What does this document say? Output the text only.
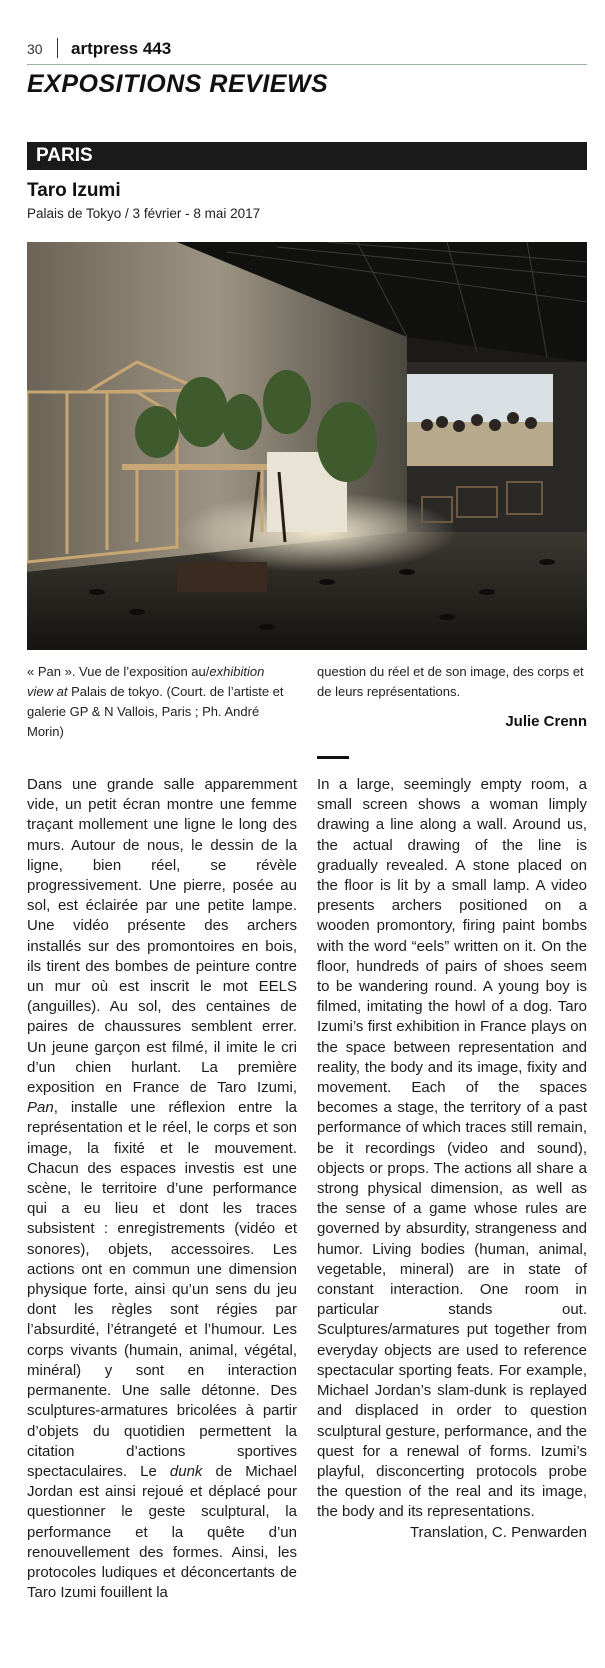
30 artpress 443
EXPOSITIONS REVIEWS
PARIS
Taro Izumi
Palais de Tokyo / 3 février - 8 mai 2017
« Pan ». Vue de l’exposition au/exhibition view at Palais de tokyo. (Court. de l’artiste et galerie GP & N Vallois, Paris ; Ph. André Morin)
question du réel et de son image, des corps et de leurs représentations.
Julie Crenn

Dans une grande salle apparemment vide, un petit écran montre une femme traçant mollement une ligne le long des murs. Autour de nous, le dessin de la ligne, bien réel, se révèle progressivement. Une pierre, posée au sol, est éclairée par une petite lampe. Une vidéo présente des archers installés sur des promontoires en bois, ils tirent des bombes de peinture contre un mur où est inscrit le mot EELS (anguilles). Au sol, des centaines de paires de chaussures semblent errer. Un jeune garçon est filmé, il imite le cri d’un chien hurlant. La première exposition en France de Taro Izumi, Pan, installe une réflexion entre la représentation et le réel, le corps et son image, la fixité et le mouvement. Chacun des espaces investis est une scène, le territoire d’une performance qui a eu lieu et dont les traces subsistent : enregistrements (vidéo et sonores), objets, accessoires. Les actions ont en commun une dimension physique forte, ainsi qu’un sens du jeu dont les règles sont régies par l’absurdité, l’étrangeté et l’humour. Les corps vivants (humain, animal, végétal, minéral) y sont en interaction permanente. Une salle détonne. Des sculptures-armatures bricolées à partir d’objets du quotidien permettent la citation d’actions sportives spectaculaires. Le dunk de Michael Jordan est ainsi rejoué et déplacé pour questionner le geste sculptural, la performance et la quête d’un renouvellement des formes. Ainsi, les protocoles ludiques et déconcertants de Taro Izumi fouillent la

In a large, seemingly empty room, a small screen shows a woman limply drawing a line along a wall. Around us, the actual drawing of the line is gradually revealed. A stone placed on the floor is lit by a small lamp. A video presents archers positioned on a wooden promontory, firing paint bombs with the word “eels” written on it. On the floor, hundreds of pairs of shoes seem to be wandering round. A young boy is filmed, imitating the howl of a dog. Taro Izumi’s first exhibition in France plays on the space between representation and reality, the body and its image, fixity and movement. Each of the spaces becomes a stage, the territory of a past performance of which traces still remain, be it recordings (video and sound), objects or props. The actions all share a strong physical dimension, as well as the sense of a game whose rules are governed by absurdity, strangeness and humor. Living bodies (human, animal, vegetable, mineral) are in state of constant interaction. One room in particular stands out. Sculptures/armatures put together from everyday objects are used to reference spectacular sporting feats. For example, Michael Jordan’s slam-dunk is replayed and displaced in order to question sculptural gesture, performance, and the quest for a renewal of forms. Izumi’s playful, disconcerting protocols probe the question of the real and its image, the body and its representations.
Translation, C. Penwarden
